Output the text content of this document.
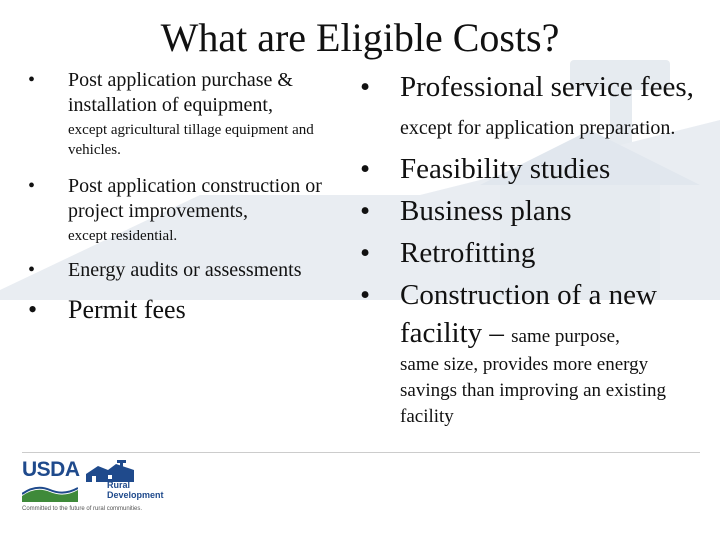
What are Eligible Costs?
• Post application purchase & installation of equipment,
except agricultural tillage equipment and vehicles.
• Post application construction or project improvements,
except residential.
• Energy audits or assessments
• Permit fees
• Professional service fees, except for application preparation.
• Feasibility studies
• Business plans
• Retrofitting
• Construction of a new facility – same purpose,
same size, provides more energy savings than improving an existing facility
USDA
Rural
Development
Committed to the future of rural communities.
